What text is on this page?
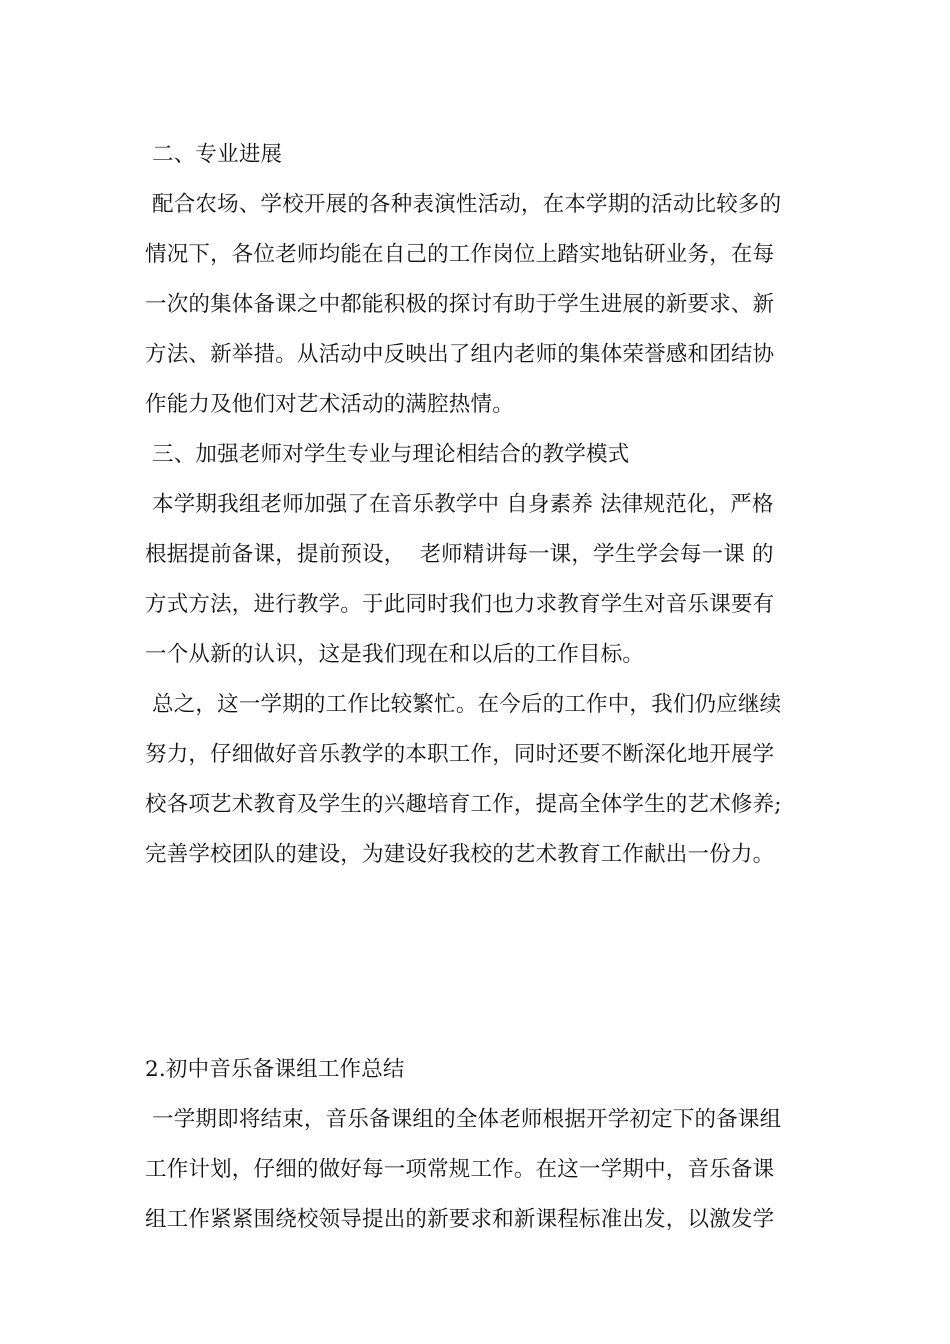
二、专业进展
配合农场、学校开展的各种表演性活动，在本学期的活动比较多的
情况下，各位老师均能在自己的工作岗位上踏实地钻研业务，在每
一次的集体备课之中都能积极的探讨有助于学生进展的新要求、新
方法、新举措。从活动中反映出了组内老师的集体荣誉感和团结协
作能力及他们对艺术活动的满腔热情。
三、加强老师对学生专业与理论相结合的教学模式
本学期我组老师加强了在音乐教学中 自身素养 法律规范化，严格
根据提前备课，提前预设，  老师精讲每一课，学生学会每一课 的
方式方法，进行教学。于此同时我们也力求教育学生对音乐课要有
一个从新的认识，这是我们现在和以后的工作目标。
总之，这一学期的工作比较繁忙。在今后的工作中，我们仍应继续
努力，仔细做好音乐教学的本职工作，同时还要不断深化地开展学
校各项艺术教育及学生的兴趣培育工作，提高全体学生的艺术修养;
完善学校团队的建设，为建设好我校的艺术教育工作献出一份力。
2.初中音乐备课组工作总结
一学期即将结束，音乐备课组的全体老师根据开学初定下的备课组
工作计划，仔细的做好每一项常规工作。在这一学期中，音乐备课
组工作紧紧围绕校领导提出的新要求和新课程标准出发，以激发学
